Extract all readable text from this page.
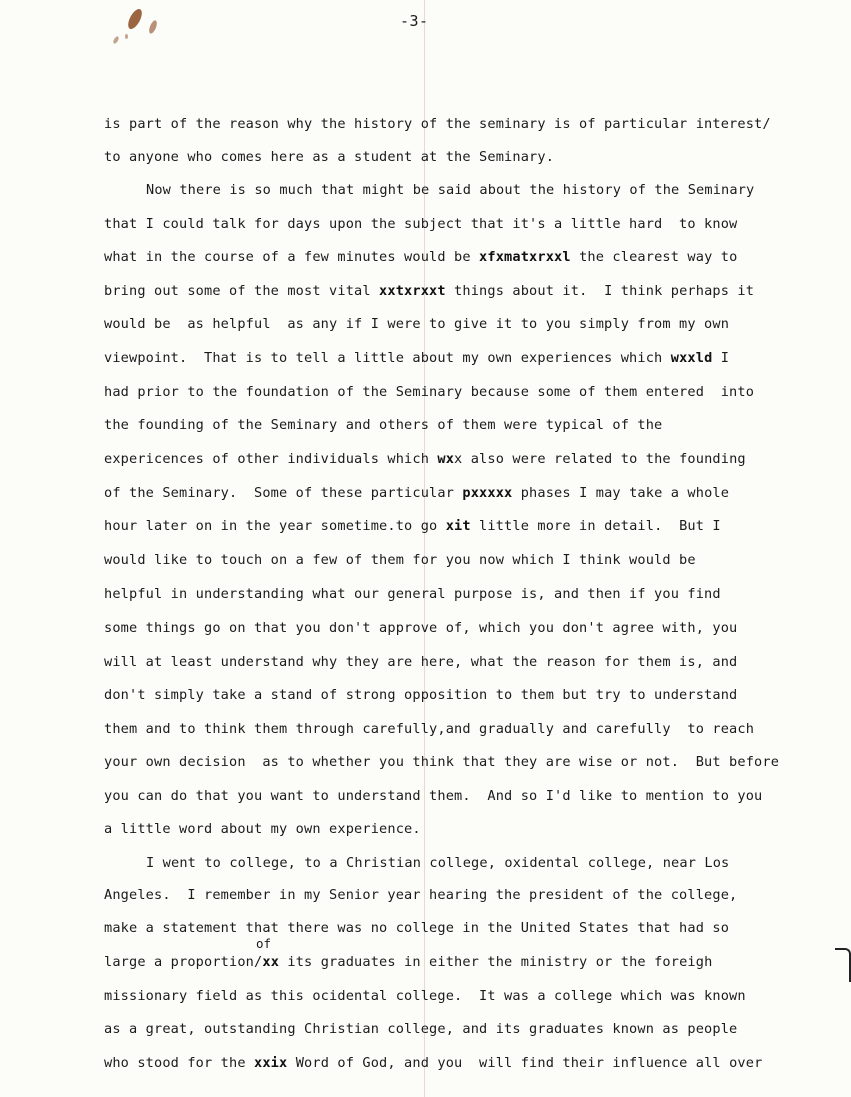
-3-
is part of the reason why the history of the seminary is of particular interest/
to anyone who comes here as a student at the Seminary.
Now there is so much that might be said about the history of the Seminary
that I could talk for days upon the subject that it's a little hard  to know
what in the course of a few minutes would be xfxmatxrxxl the clearest way to
bring out some of the most vital xxtxrxxt things about it.  I think perhaps it
would be  as helpful  as any if I were to give it to you simply from my own
viewpoint.  That is to tell a little about my own experiences which wxxld I
had prior to the foundation of the Seminary because some of them entered  into
the founding of the Seminary and others of them were typical of the
expericences of other individuals which wxx also were related to the founding
of the Seminary.  Some of these particular pxxxxx phases I may take a whole
hour later on in the year sometime.to go xit little more in detail.  But I
would like to touch on a few of them for you now which I think would be
helpful in understanding what our general purpose is, and then if you find
some things go on that you don't approve of, which you don't agree with, you
will at least understand why they are here, what the reason for them is, and
don't simply take a stand of strong opposition to them but try to understand
them and to think them through carefully,and gradually and carefully  to reach
your own decision  as to whether you think that they are wise or not.  But before
you can do that you want to understand them.  And so I'd like to mention to you
a little word about my own experience.
I went to college, to a Christian college, oxidental college, near Los
Angeles.  I remember in my Senior year hearing the president of the college,
make a statement that there was no college in the United States that had so
of
large a proportion/xx its graduates in either the ministry or the foreigh
missionary field as this ocidental college.  It was a college which was known
as a great, outstanding Christian college, and its graduates known as people
who stood for the xxix Word of God, and you  will find their influence all over
